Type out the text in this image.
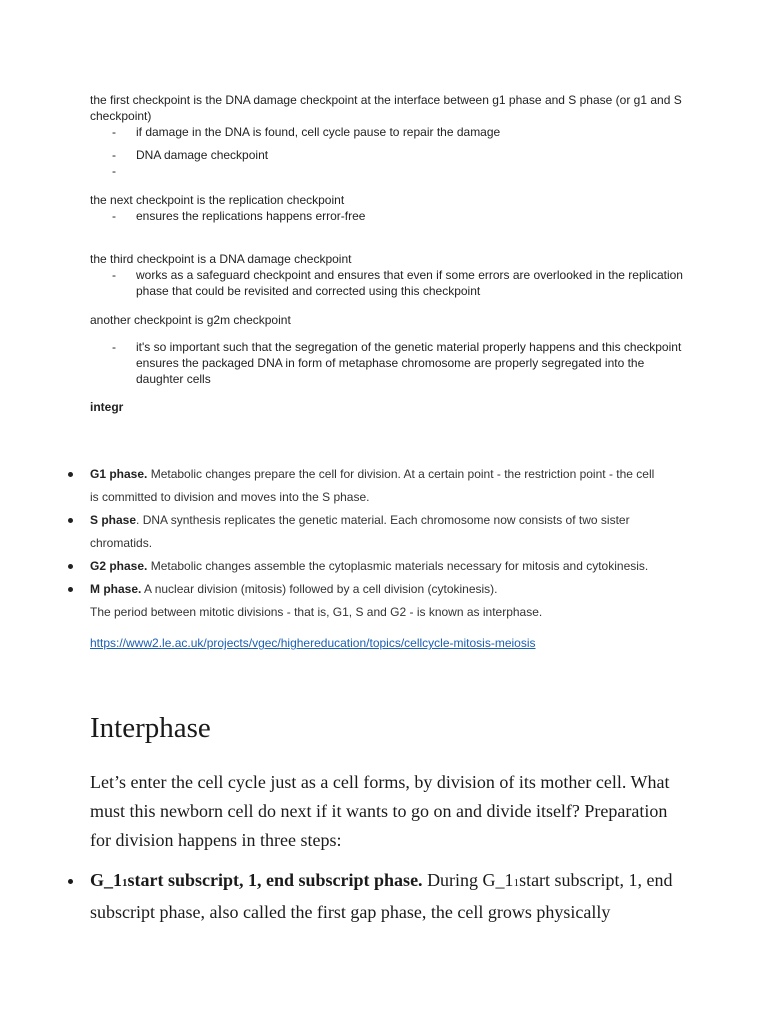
the first checkpoint is the DNA damage checkpoint at the interface between g1 phase and S phase (or g1 and S checkpoint)

- if damage in the DNA is found, cell cycle pause to repair the damage
- DNA damage checkpoint
-

the next checkpoint is the replication checkpoint

- ensures the replications happens error-free

the third checkpoint is a DNA damage checkpoint

- works as a safeguard checkpoint and ensures that even if some errors are overlooked in the replication phase that could be revisited and corrected using this checkpoint

another checkpoint is g2m checkpoint

- it's so important such that the segregation of the genetic material properly happens and this checkpoint ensures the packaged DNA in form of metaphase chromosome are properly segregated into the daughter cells

integr

G1 phase. Metabolic changes prepare the cell for division. At a certain point - the restriction point - the cell is committed to division and moves into the S phase.
S phase. DNA synthesis replicates the genetic material. Each chromosome now consists of two sister chromatids.
G2 phase. Metabolic changes assemble the cytoplasmic materials necessary for mitosis and cytokinesis.
M phase. A nuclear division (mitosis) followed by a cell division (cytokinesis).

The period between mitotic divisions - that is, G1, S and G2 - is known as interphase.

https://www2.le.ac.uk/projects/vgec/highereducation/topics/cellcycle-mitosis-meiosis

Interphase

Let’s enter the cell cycle just as a cell forms, by division of its mother cell. What must this newborn cell do next if it wants to go on and divide itself? Preparation for division happens in three steps:

G_11start subscript, 1, end subscript phase. During G_11start subscript, 1, end subscript phase, also called the first gap phase, the cell grows physically
